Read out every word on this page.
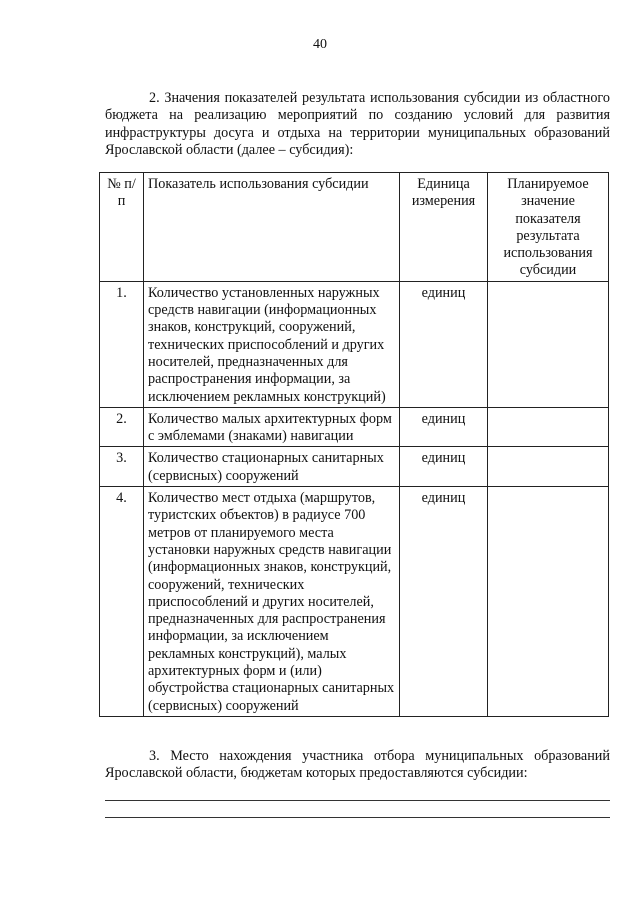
40

2. Значения показателей результата использования субсидии из областного бюджета на реализацию мероприятий по созданию условий для развития инфраструктуры досуга и отдыха на территории муниципальных образований Ярославской области (далее – субсидия):

№ п/п	Показатель использования субсидии	Единица измерения	Планируемое значение показателя результата использования субсидии
1.	Количество установленных наружных средств навигации (информационных знаков, конструкций, сооружений, технических приспособлений и других носителей, предназначенных для распространения информации, за исключением рекламных конструкций)	единиц	
2.	Количество малых архитектурных форм с эмблемами (знаками) навигации	единиц	
3.	Количество стационарных санитарных (сервисных) сооружений	единиц	
4.	Количество мест отдыха (маршрутов, туристских объектов) в радиусе 700 метров от планируемого места установки наружных средств навигации (информационных знаков, конструкций, сооружений, технических приспособлений и других носителей, предназначенных для распространения информации, за исключением рекламных конструкций), малых архитектурных форм и (или) обустройства стационарных санитарных (сервисных) сооружений	единиц	

3. Место нахождения участника отбора муниципальных образований Ярославской области, бюджетам которых предоставляются субсидии:
